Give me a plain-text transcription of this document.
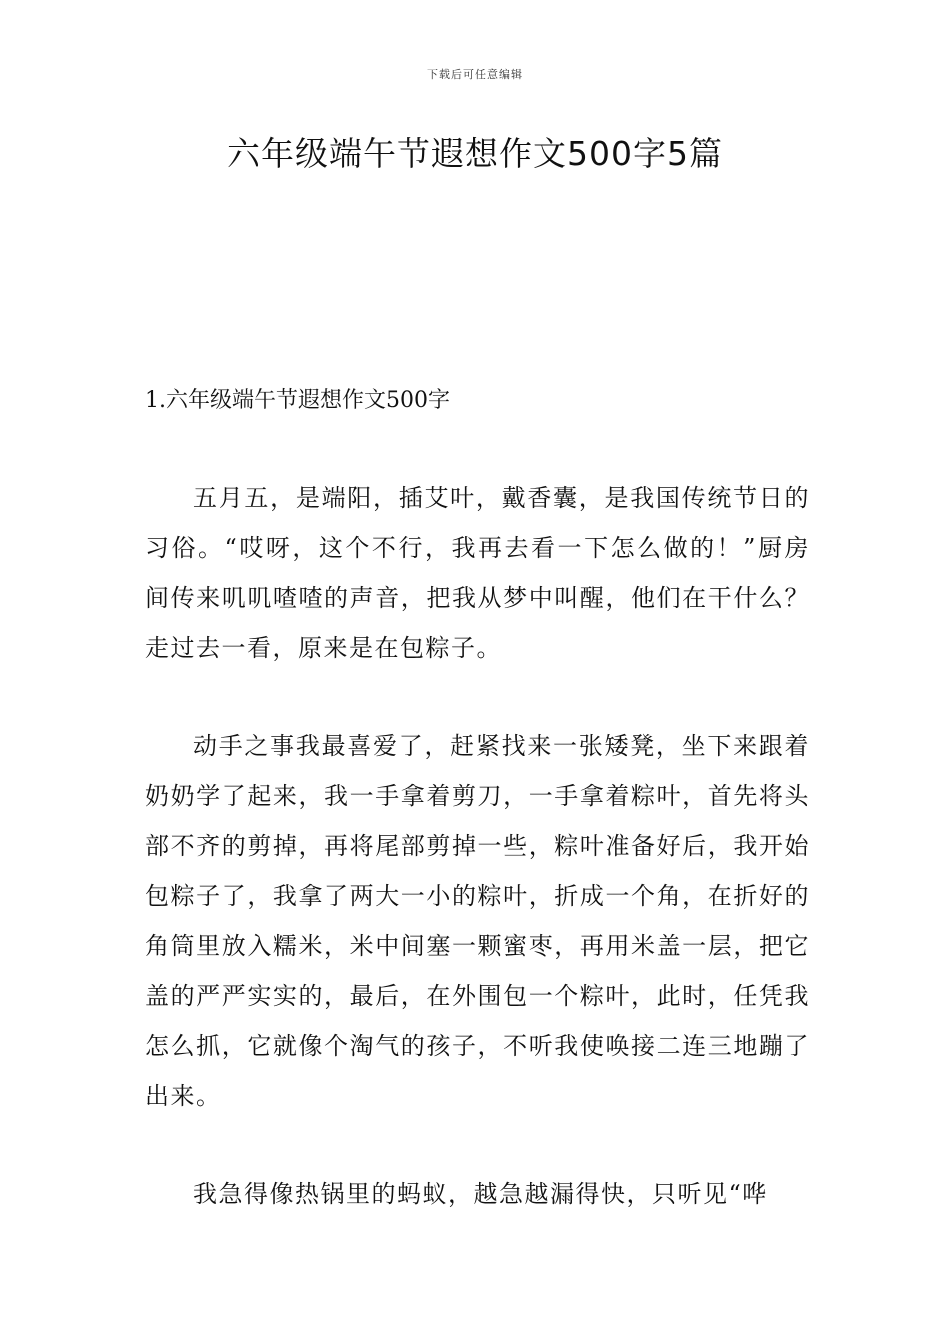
下载后可任意编辑
六年级端午节遐想作文500字5篇
1.六年级端午节遐想作文500字

五月五，是端阳，插艾叶，戴香囊，是我国传统节日的习俗。“哎呀，这个不行，我再去看一下怎么做的！”厨房间传来叽叽喳喳的声音，把我从梦中叫醒，他们在干什么？走过去一看，原来是在包粽子。

动手之事我最喜爱了，赶紧找来一张矮凳，坐下来跟着奶奶学了起来，我一手拿着剪刀，一手拿着粽叶，首先将头部不齐的剪掉，再将尾部剪掉一些，粽叶准备好后，我开始包粽子了，我拿了两大一小的粽叶，折成一个角，在折好的角筒里放入糯米，米中间塞一颗蜜枣，再用米盖一层，把它盖的严严实实的，最后，在外围包一个粽叶，此时，任凭我怎么抓，它就像个淘气的孩子，不听我使唤接二连三地蹦了出来。

我急得像热锅里的蚂蚁，越急越漏得快，只听见“哗
